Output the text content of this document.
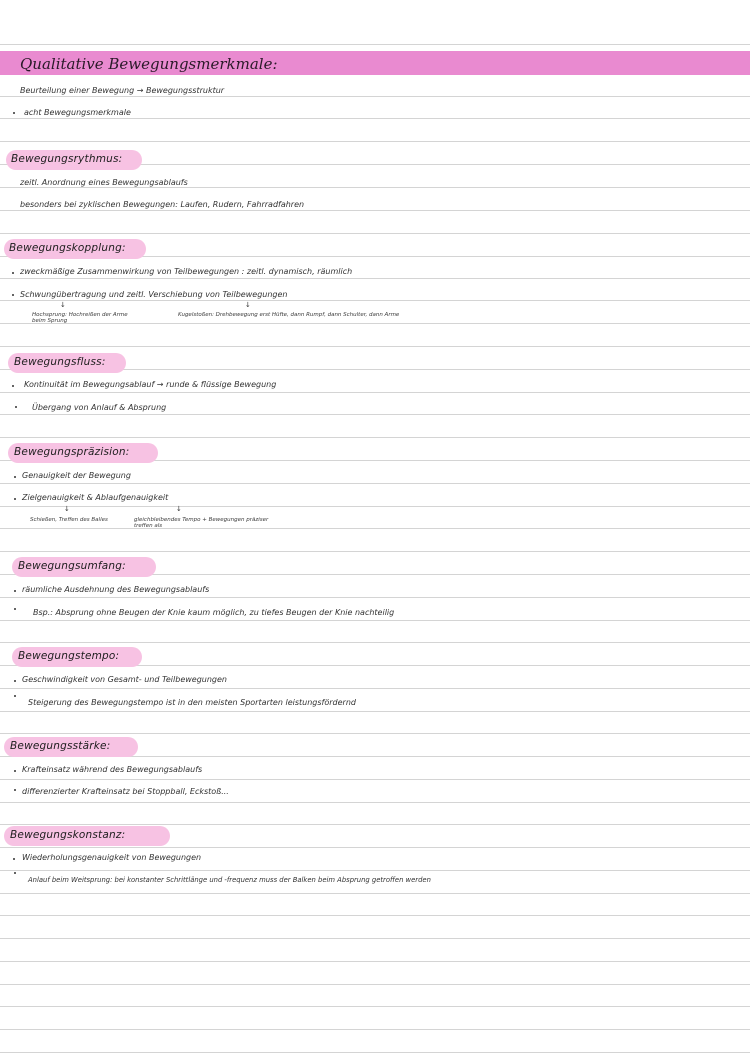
Qualitative Bewegungsmerkmale:
Beurteilung einer Bewegung → Bewegungsstruktur
acht Bewegungsmerkmale
Bewegungsrythmus:
zeitl. Anordnung eines Bewegungsablaufs
besonders bei zyklischen Bewegungen: Laufen, Rudern, Fahrradfahren
Bewegungskopplung:
zweckmäßige Zusammenwirkung von Teilbewegungen : zeitl. dynamisch, räumlich
Schwungübertragung und zeitl. Verschiebung von Teilbewegungen
↓	↓
Hochsprung: Hochreißen der Arme beim Sprung
Kugelstoßen: Drehbewegung erst Hüfte, dann Rumpf, dann Schulter, dann Arme
Bewegungsfluss:
Kontinuität im Bewegungsablauf → runde & flüssige Bewegung
Übergang von Anlauf & Absprung
Bewegungspräzision:
Genauigkeit der Bewegung
Zielgenauigkeit & Ablaufgenauigkeit
↓	↓
Schießen, Treffen des Balles	gleichbleibendes Tempo + Bewegungen präziser treffen als
Bewegungsumfang:
räumliche Ausdehnung des Bewegungsablaufs
Bsp.: Absprung ohne Beugen der Knie kaum möglich, zu tiefes Beugen der Knie nachteilig
Bewegungstempo:
Geschwindigkeit von Gesamt- und Teilbewegungen
Steigerung des Bewegungstempo ist in den meisten Sportarten leistungsfördernd
Bewegungsstärke:
Krafteinsatz während des Bewegungsablaufs
differenzierter Krafteinsatz bei Stoppball, Eckstoß...
Bewegungskonstanz:
Wiederholungsgenauigkeit von Bewegungen
Anlauf beim Weitsprung: bei konstanter Schrittlänge und -frequenz muss der Balken beim Absprung getroffen werden
